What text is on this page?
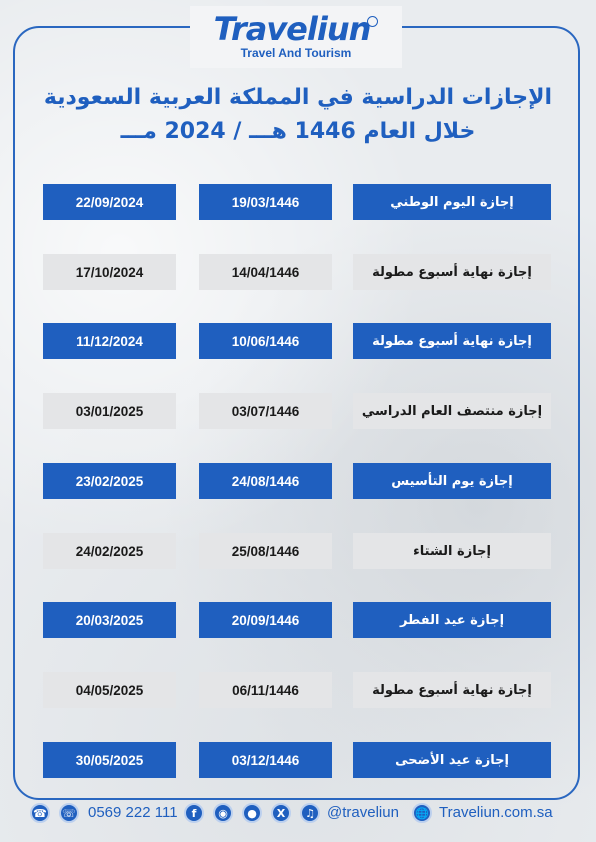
Traveliun
Travel And Tourism
الإجازات الدراسية في المملكة العربية السعودية
خلال العام 1446 هـــ / 2024 مـــ
22/09/2024	19/03/1446	إجازة اليوم الوطني
17/10/2024	14/04/1446	إجازة نهاية أسبوع مطولة
11/12/2024	10/06/1446	إجازة نهاية أسبوع مطولة
03/01/2025	03/07/1446	إجازة منتصف العام الدراسي
23/02/2025	24/08/1446	إجازة يوم التأسيس
24/02/2025	25/08/1446	إجازة الشتاء
20/03/2025	20/09/1446	إجازة عيد الفطر
04/05/2025	06/11/1446	إجازة نهاية أسبوع مطولة
30/05/2025	03/12/1446	إجازة عيد الأضحى
☎ ☏ 0569 222 111	f	◉	●	X	♫ @traveliun 🌐 Traveliun.com.sa
